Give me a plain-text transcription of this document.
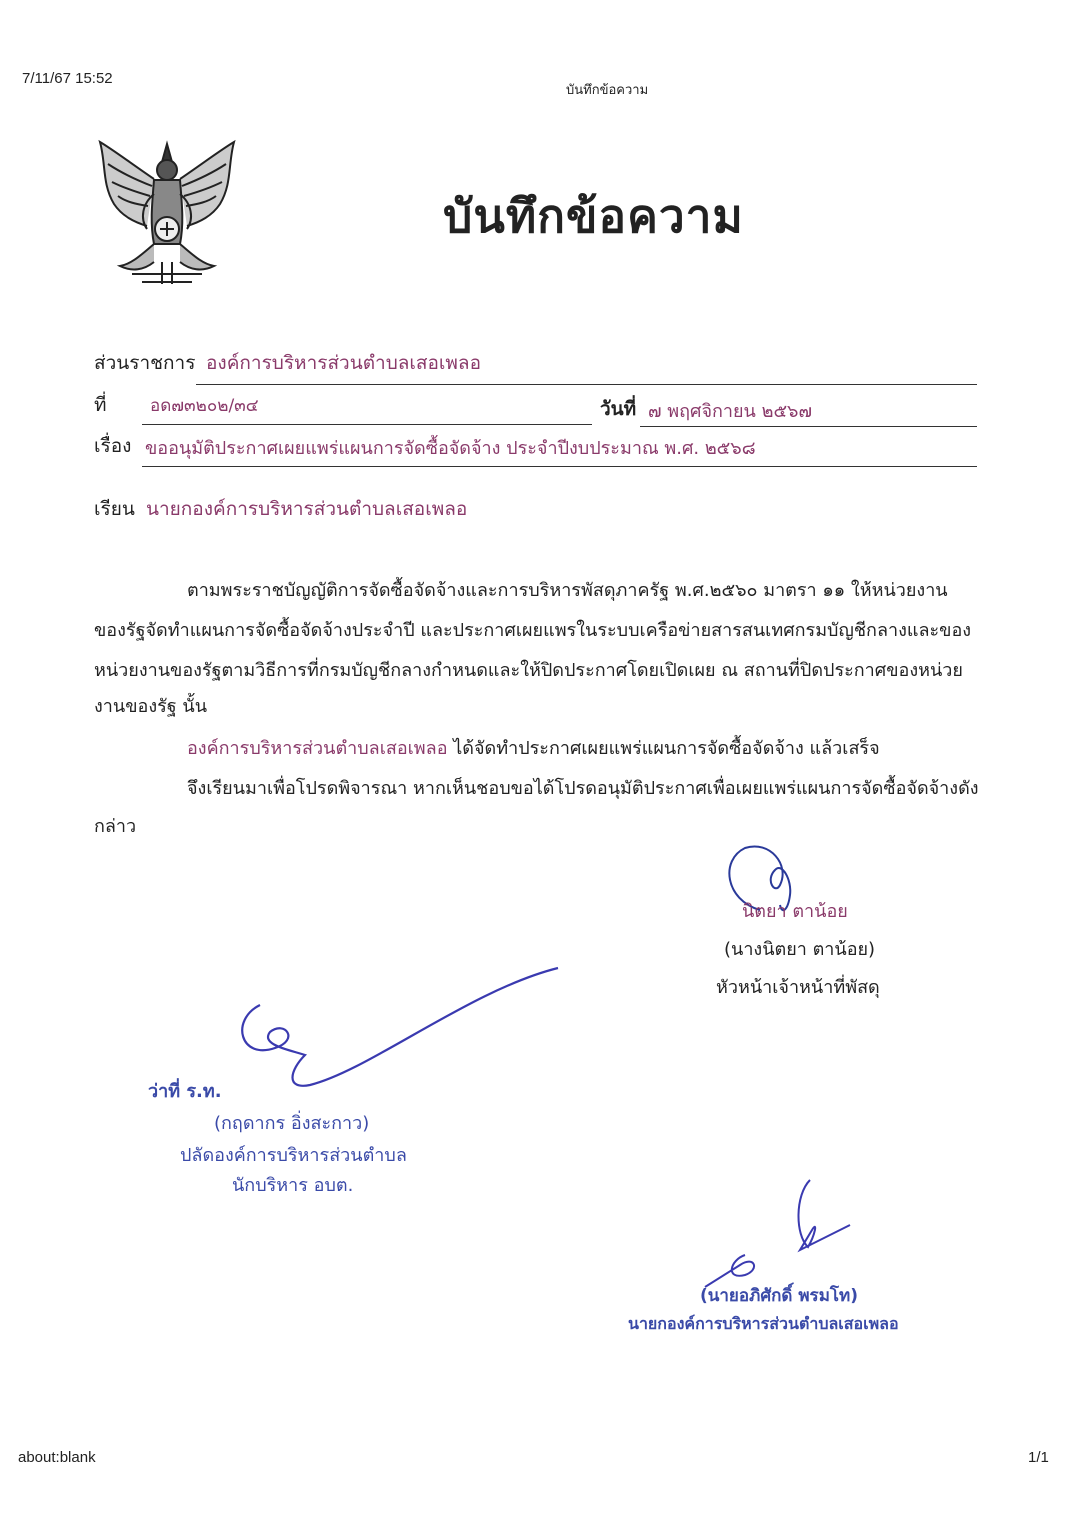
7/11/67 15:52
บันทึกข้อความ
บันทึกข้อความ
ส่วนราชการ องค์การบริหารส่วนตำบลเสอเพลอ
ที่	อด๗๓๒๐๒/๓๔	วันที่ ๗ พฤศจิกายน ๒๕๖๗
เรื่อง ขออนุมัติประกาศเผยแพร่แผนการจัดซื้อจัดจ้าง ประจำปีงบประมาณ พ.ศ. ๒๕๖๘
เรียน นายกองค์การบริหารส่วนตำบลเสอเพลอ
ตามพระราชบัญญัติการจัดซื้อจัดจ้างและการบริหารพัสดุภาครัฐ พ.ศ.๒๕๖๐ มาตรา ๑๑ ให้หน่วยงาน
ของรัฐจัดทำแผนการจัดซื้อจัดจ้างประจำปี และประกาศเผยแพรในระบบเครือข่ายสารสนเทศกรมบัญชีกลางและของ
หน่วยงานของรัฐตามวิธีการที่กรมบัญชีกลางกำหนดและให้ปิดประกาศโดยเปิดเผย ณ สถานที่ปิดประกาศของหน่วย
งานของรัฐ นั้น
องค์การบริหารส่วนตำบลเสอเพลอ ได้จัดทำประกาศเผยแพร่แผนการจัดซื้อจัดจ้าง แล้วเสร็จ
จึงเรียนมาเพื่อโปรดพิจารณา หากเห็นชอบขอได้โปรดอนุมัติประกาศเพื่อเผยแพร่แผนการจัดซื้อจัดจ้างดัง
กล่าว
นิตยา ตาน้อย
(นางนิตยา ตาน้อย)
หัวหน้าเจ้าหน้าที่พัสดุ
ว่าที่ ร.ท.
(กฤดากร อิ่งสะกาว)
ปลัดองค์การบริหารส่วนตำบล
นักบริหาร อบต.
(นายอภิศักดิ์ พรมโท)
นายกองค์การบริหารส่วนตำบลเสอเพลอ
about:blank	1/1
